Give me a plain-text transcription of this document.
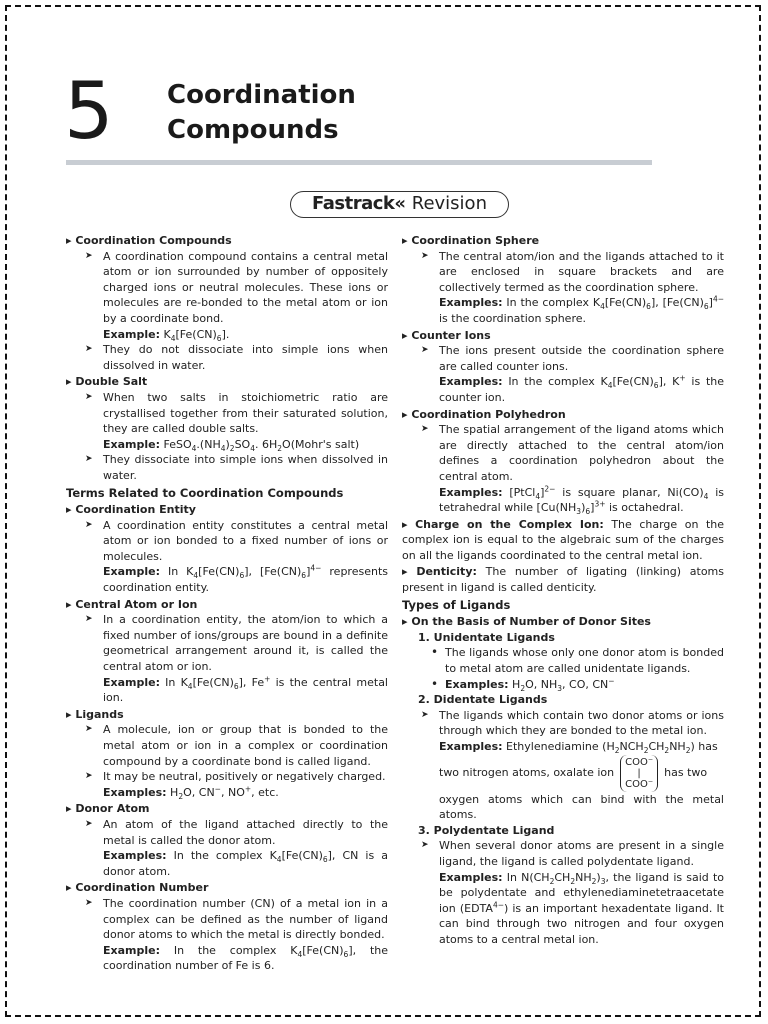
5 Coordination
Compounds
Fastrack« Revision
▸ Coordination Compounds
➤ A coordination compound contains a central metal atom or ion surrounded by number of oppositely charged ions or neutral molecules. These ions or molecules are re-bonded to the metal atom or ion by a coordinate bond.
Example: $K_4[Fe(CN)_6]$.
➤ They do not dissociate into simple ions when dissolved in water.
▸ Double Salt
➤ When two salts in stoichiometric ratio are crystallised together from their saturated solution, they are called double salts.
Example: $FeSO_4.(NH_4)_2SO_4$. $6H_2O(Mohr's$ salt)
➤ They dissociate into simple ions when dissolved in water.
Terms Related to Coordination Compounds
▸ Coordination Entity
➤ A coordination entity constitutes a central metal atom or ion bonded to a fixed number of ions or molecules.
Example: In $K_4[Fe(CN)_6]$, $[Fe(CN)_6]^{4-}$ represents coordination entity.
▸ Central Atom or Ion
➤ In a coordination entity, the atom/ion to which a fixed number of ions/groups are bound in a definite geometrical arrangement around it, is called the central atom or ion.
Example: In $K_4[Fe(CN)_6]$, Fe+ is the central metal ion.
▸ Ligands
➤ A molecule, ion or group that is bonded to the metal atom or ion in a complex or coordination compound by a coordinate bond is called ligand.
➤ It may be neutral, positively or negatively charged.
Examples: $H_2O$, CN−, NO+, etc.
▸ Donor Atom
➤ An atom of the ligand attached directly to the metal is called the donor atom.
Examples: In the complex $K_4[Fe(CN)_6]$, CN is a donor atom.
▸ Coordination Number
➤ The coordination number (CN) of a metal ion in a complex can be defined as the number of ligand donor atoms to which the metal is directly bonded.
Example: In the complex $K_4[Fe(CN)_6]$, the coordination number of Fe is 6.
▸ Coordination Sphere
➤ The central atom/ion and the ligands attached to it are enclosed in square brackets and are collectively termed as the coordination sphere.
Examples: In the complex $K_4[Fe(CN)_6]$, $[Fe(CN)_6]^{4-}$ is the coordination sphere.
▸ Counter Ions
➤ The ions present outside the coordination sphere are called counter ions.
Examples: In the complex $K_4[Fe(CN)_6]$, K+ is the counter ion.
▸ Coordination Polyhedron
➤ The spatial arrangement of the ligand atoms which are directly attached to the central atom/ion defines a coordination polyhedron about the central atom.
Examples: [PtCl$_4$]$^{2-}$ is square planar, $Ni(CO)_4$ is tetrahedral while $[Cu(NH_3)_6]^{3+}$ is octahedral.
▸ Charge on the Complex Ion: The charge on the complex ion is equal to the algebraic sum of the charges on all the ligands coordinated to the central metal ion.
▸ Denticity: The number of ligating (linking) atoms present in ligand is called denticity.
Types of Ligands
▸ On the Basis of Number of Donor Sites
1. Unidentate Ligands
• The ligands whose only one donor atom is bonded to metal atom are called unidentate ligands.
• Examples: $H_2O$, $NH_3$, CO, CN−
2. Didentate Ligands
➤ The ligands which contain two donor atoms or ions through which they are bonded to the metal ion.
Examples: Ethylenediamine $(H_2NCH_2CH_2NH_2)$ has
two nitrogen atoms, oxalate ion
COO⁻
|
COO⁻
has two
oxygen atoms which can bind with the metal atoms.
3. Polydentate Ligand
➤ When several donor atoms are present in a single ligand, the ligand is called polydentate ligand.
Examples: In $N(CH_2CH_2NH_2)_3$, the ligand is said to be polydentate and ethylenediaminetetraacetate ion $(EDTA^{4-})$ is an important hexadentate ligand. It can bind through two nitrogen and four oxygen atoms to a central metal ion.
